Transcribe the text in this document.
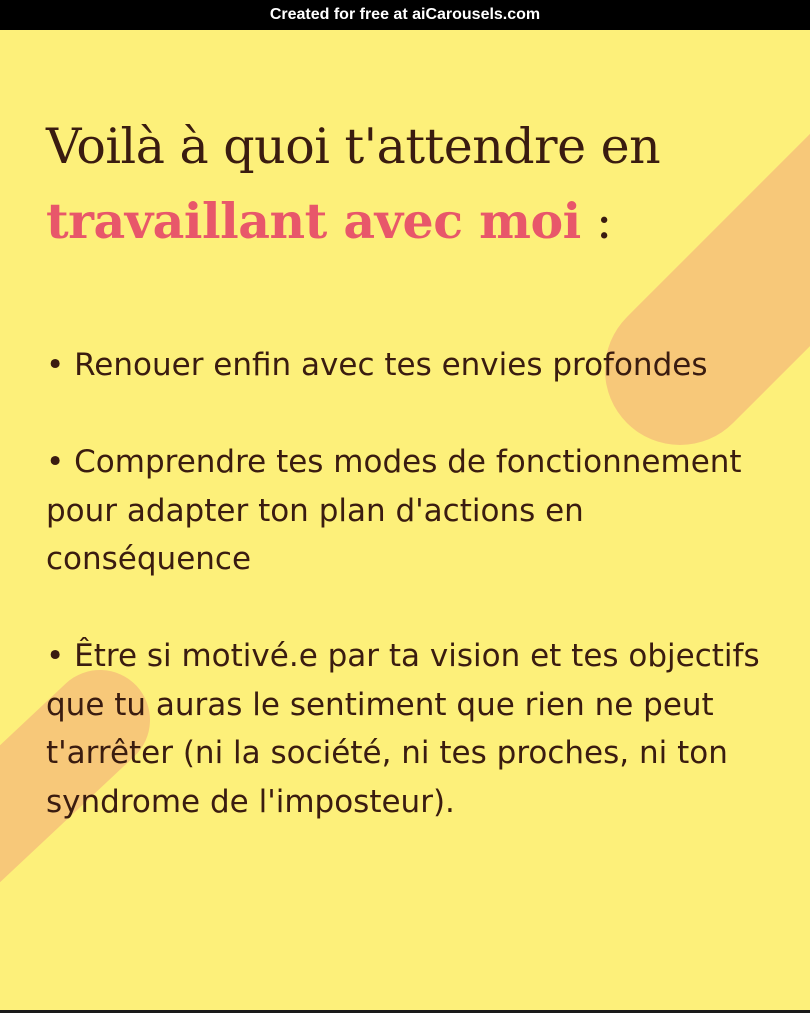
Created for free at aiCarousels.com
Voilà à quoi t'attendre en
travaillant avec moi :
• Renouer enfin avec tes envies profondes
• Comprendre tes modes de fonctionnement pour adapter ton plan d'actions en conséquence
• Être si motivé.e par ta vision et tes objectifs que tu auras le sentiment que rien ne peut t'arrêter (ni la société, ni tes proches, ni ton syndrome de l'imposteur).
